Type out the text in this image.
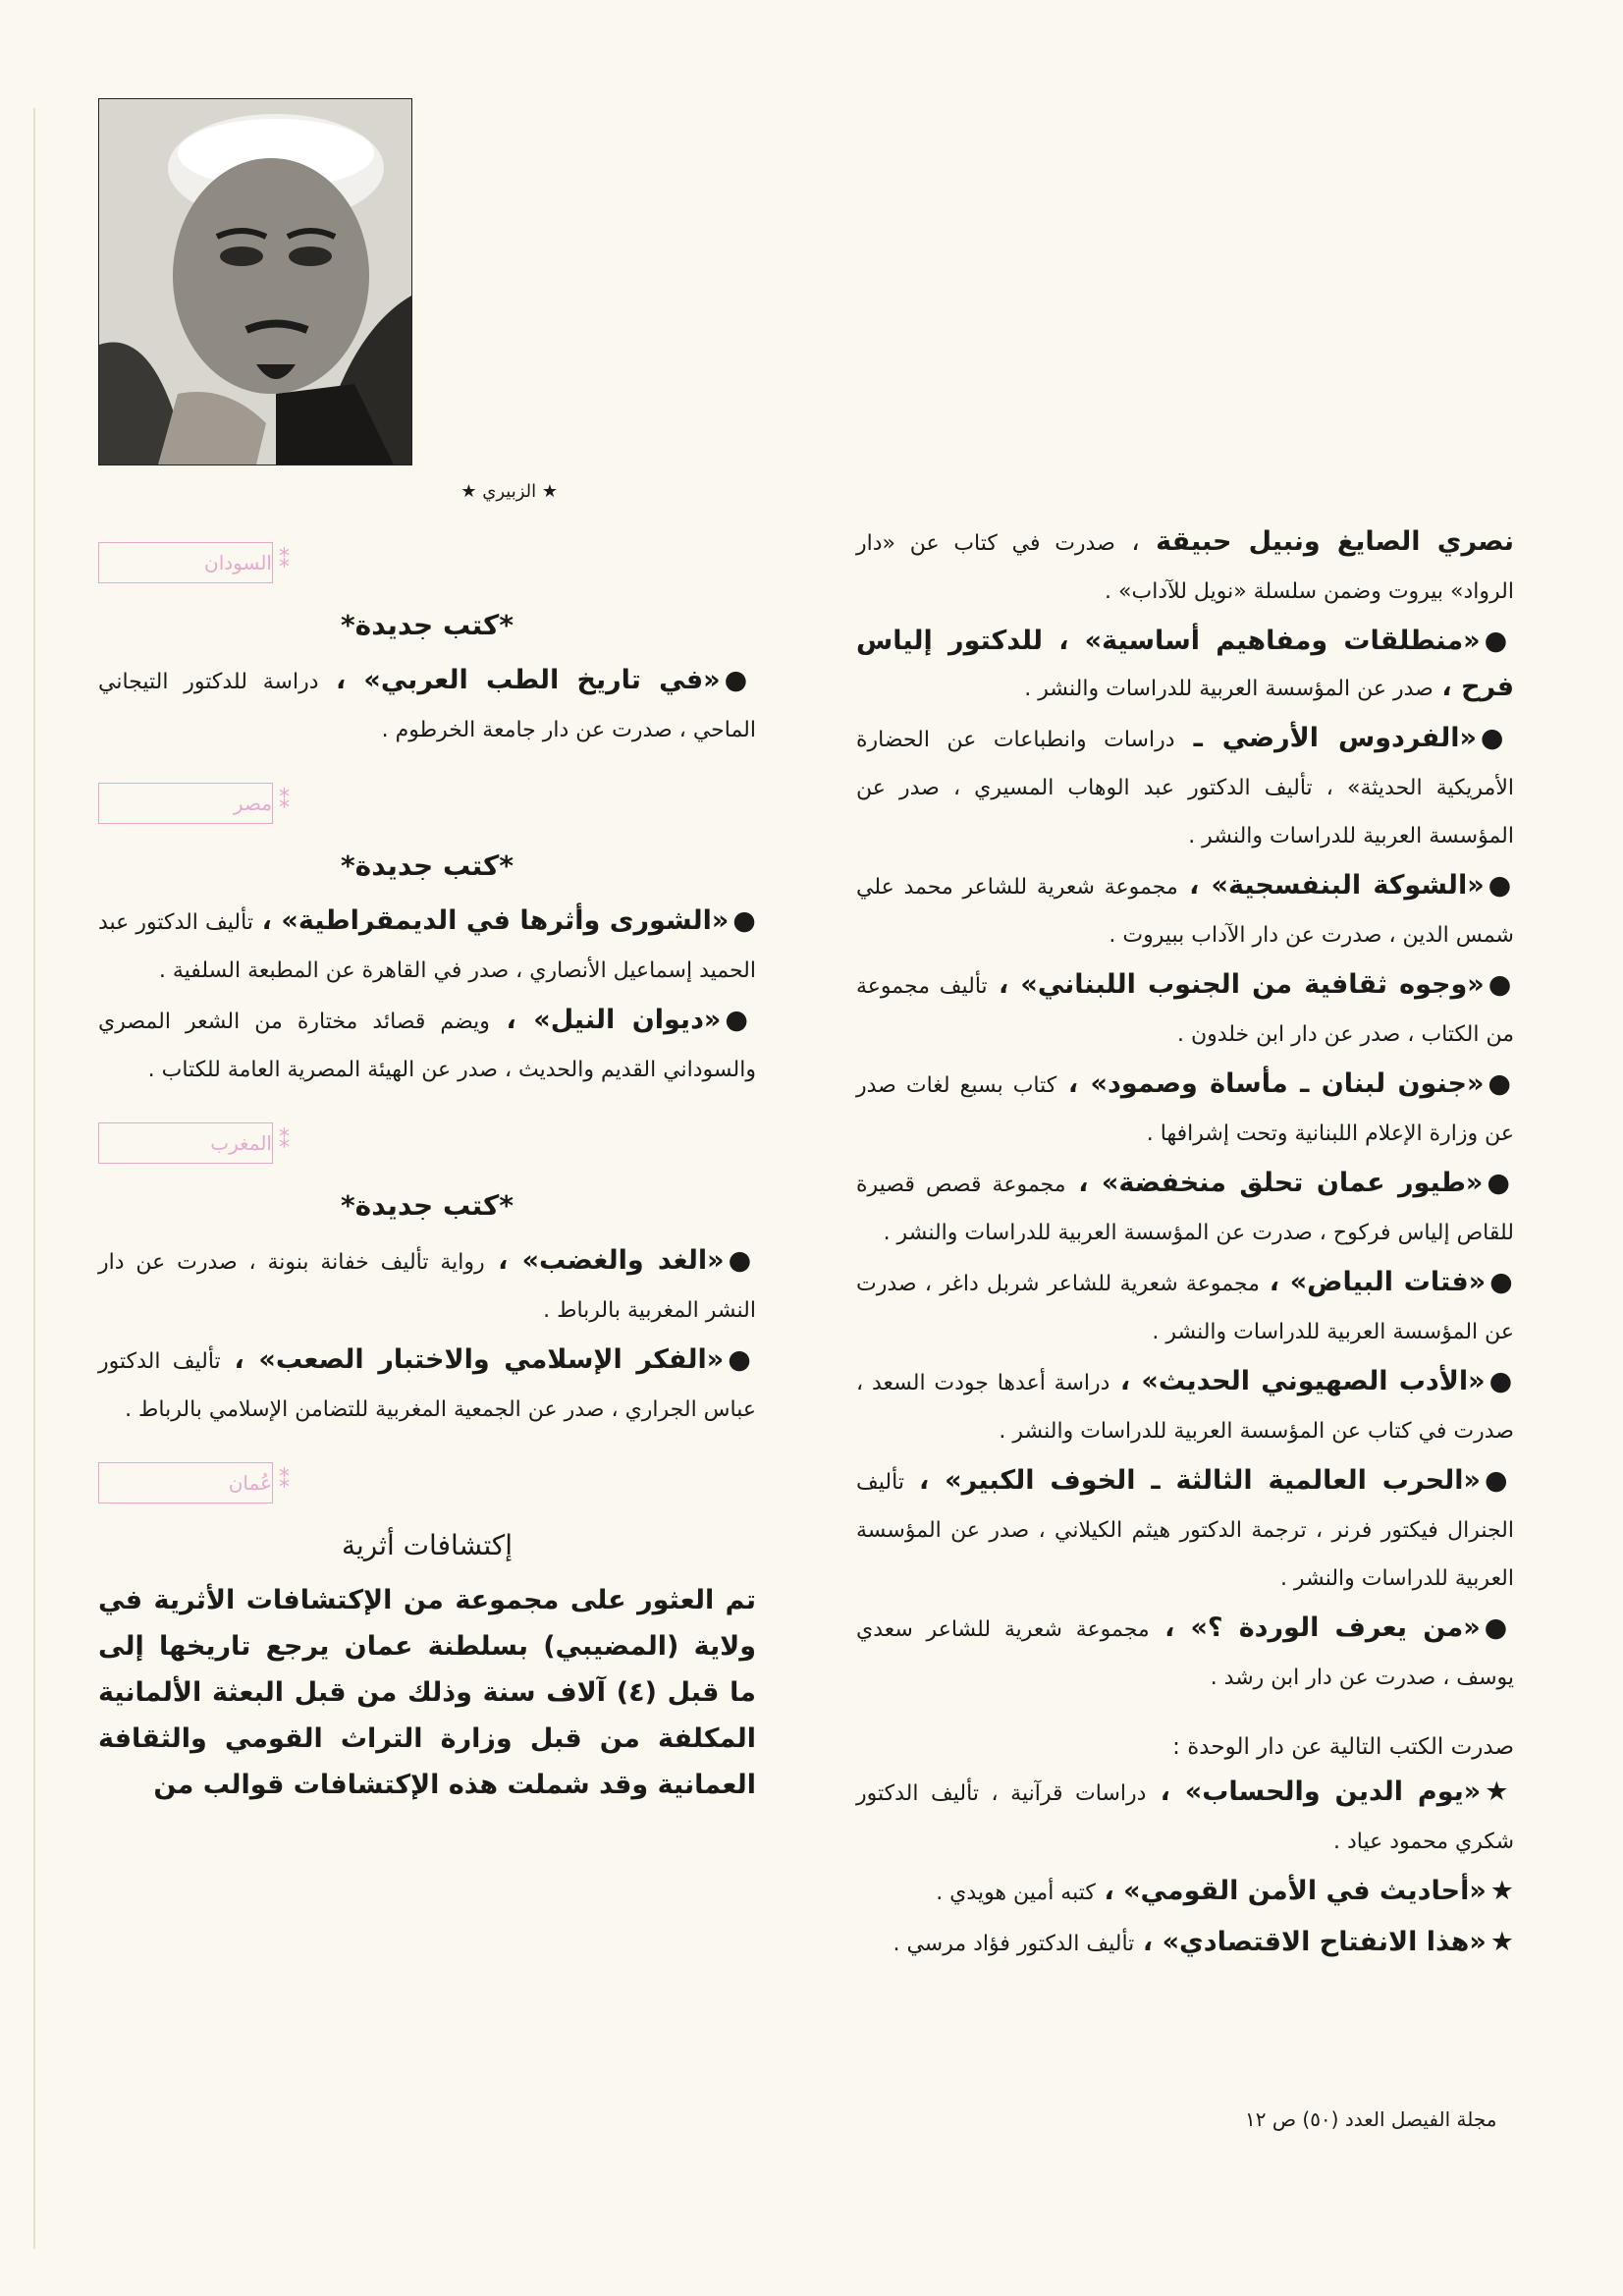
★ الزبيري ★
نصري الصايغ ونبيل حبيقة ، صدرت في كتاب عن «دار الرواد» بيروت وضمن سلسلة «نويل للآداب» .
●«منطلقات ومفاهيم أساسية» ، للدكتور إلياس فرح ، صدر عن المؤسسة العربية للدراسات والنشر .
●«الفردوس الأرضي ـ دراسات وانطباعات عن الحضارة الأمريكية الحديثة» ، تأليف الدكتور عبد الوهاب المسيري ، صدر عن المؤسسة العربية للدراسات والنشر .
●«الشوكة البنفسجية» ، مجموعة شعرية للشاعر محمد علي شمس الدين ، صدرت عن دار الآداب ببيروت .
●«وجوه ثقافية من الجنوب اللبناني» ، تأليف مجموعة من الكتاب ، صدر عن دار ابن خلدون .
●«جنون لبنان ـ مأساة وصمود» ، كتاب بسبع لغات صدر عن وزارة الإعلام اللبنانية وتحت إشرافها .
●«طيور عمان تحلق منخفضة» ، مجموعة قصص قصيرة للقاص إلياس فركوح ، صدرت عن المؤسسة العربية للدراسات والنشر .
●«فتات البياض» ، مجموعة شعرية للشاعر شربل داغر ، صدرت عن المؤسسة العربية للدراسات والنشر .
●«الأدب الصهيوني الحديث» ، دراسة أعدها جودت السعد ، صدرت في كتاب عن المؤسسة العربية للدراسات والنشر .
●«الحرب العالمية الثالثة ـ الخوف الكبير» ، تأليف الجنرال فيكتور فرنر ، ترجمة الدكتور هيثم الكيلاني ، صدر عن المؤسسة العربية للدراسات والنشر .
●«من يعرف الوردة ؟» ، مجموعة شعرية للشاعر سعدي يوسف ، صدرت عن دار ابن رشد .
صدرت الكتب التالية عن دار الوحدة :
★«يوم الدين والحساب» ، دراسات قرآنية ، تأليف الدكتور شكري محمود عياد .
★«أحاديث في الأمن القومي» ، كتبه أمين هويدي .
★«هذا الانفتاح الاقتصادي» ، تأليف الدكتور فؤاد مرسي .
⁑
السودان
*كتب جديدة*
●«في تاريخ الطب العربي» ، دراسة للدكتور التيجاني الماحي ، صدرت عن دار جامعة الخرطوم .
⁑
مصر
*كتب جديدة*
●«الشورى وأثرها في الديمقراطية» ، تأليف الدكتور عبد الحميد إسماعيل الأنصاري ، صدر في القاهرة عن المطبعة السلفية .
●«ديوان النيل» ، ويضم قصائد مختارة من الشعر المصري والسوداني القديم والحديث ، صدر عن الهيئة المصرية العامة للكتاب .
⁑
المغرب
*كتب جديدة*
●«الغد والغضب» ، رواية تأليف خفانة بنونة ، صدرت عن دار النشر المغربية بالرباط .
●«الفكر الإسلامي والاختبار الصعب» ، تأليف الدكتور عباس الجراري ، صدر عن الجمعية المغربية للتضامن الإسلامي بالرباط .
⁑
عُمان
إكتشافات أثرية
تم العثور على مجموعة من الإكتشافات الأثرية في ولاية (المضيبي) بسلطنة عمان يرجع تاريخها إلى ما قبل (٤) آلاف سنة وذلك من قبل البعثة الألمانية المكلفة من قبل وزارة التراث القومي والثقافة العمانية وقد شملت هذه الإكتشافات قوالب من
مجلة الفيصل العدد (٥٠) ص ١٢
